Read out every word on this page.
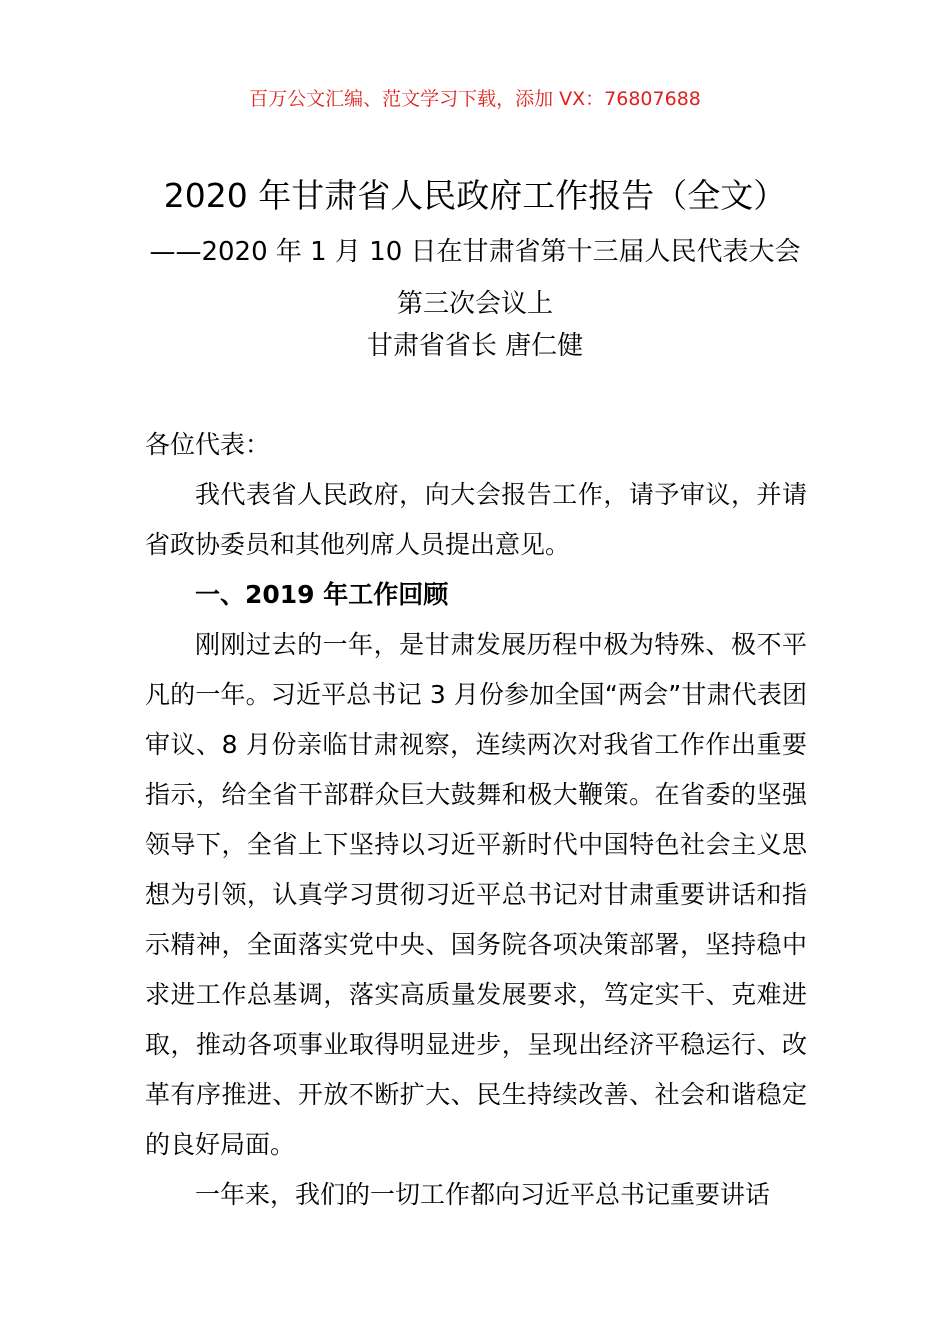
百万公文汇编、范文学习下载，添加 VX：76807688
2020 年甘肃省人民政府工作报告（全文）
——2020 年 1 月 10 日在甘肃省第十三届人民代表大会第三次会议上
甘肃省省长 唐仁健

各位代表：

我代表省人民政府，向大会报告工作，请予审议，并请省政协委员和其他列席人员提出意见。

一、2019 年工作回顾

刚刚过去的一年，是甘肃发展历程中极为特殊、极不平凡的一年。习近平总书记 3 月份参加全国“两会”甘肃代表团审议、8 月份亲临甘肃视察，连续两次对我省工作作出重要指示，给全省干部群众巨大鼓舞和极大鞭策。在省委的坚强领导下，全省上下坚持以习近平新时代中国特色社会主义思想为引领，认真学习贯彻习近平总书记对甘肃重要讲话和指示精神，全面落实党中央、国务院各项决策部署，坚持稳中求进工作总基调，落实高质量发展要求，笃定实干、克难进取，推动各项事业取得明显进步，呈现出经济平稳运行、改革有序推进、开放不断扩大、民生持续改善、社会和谐稳定的良好局面。

一年来，我们的一切工作都向习近平总书记重要讲话
